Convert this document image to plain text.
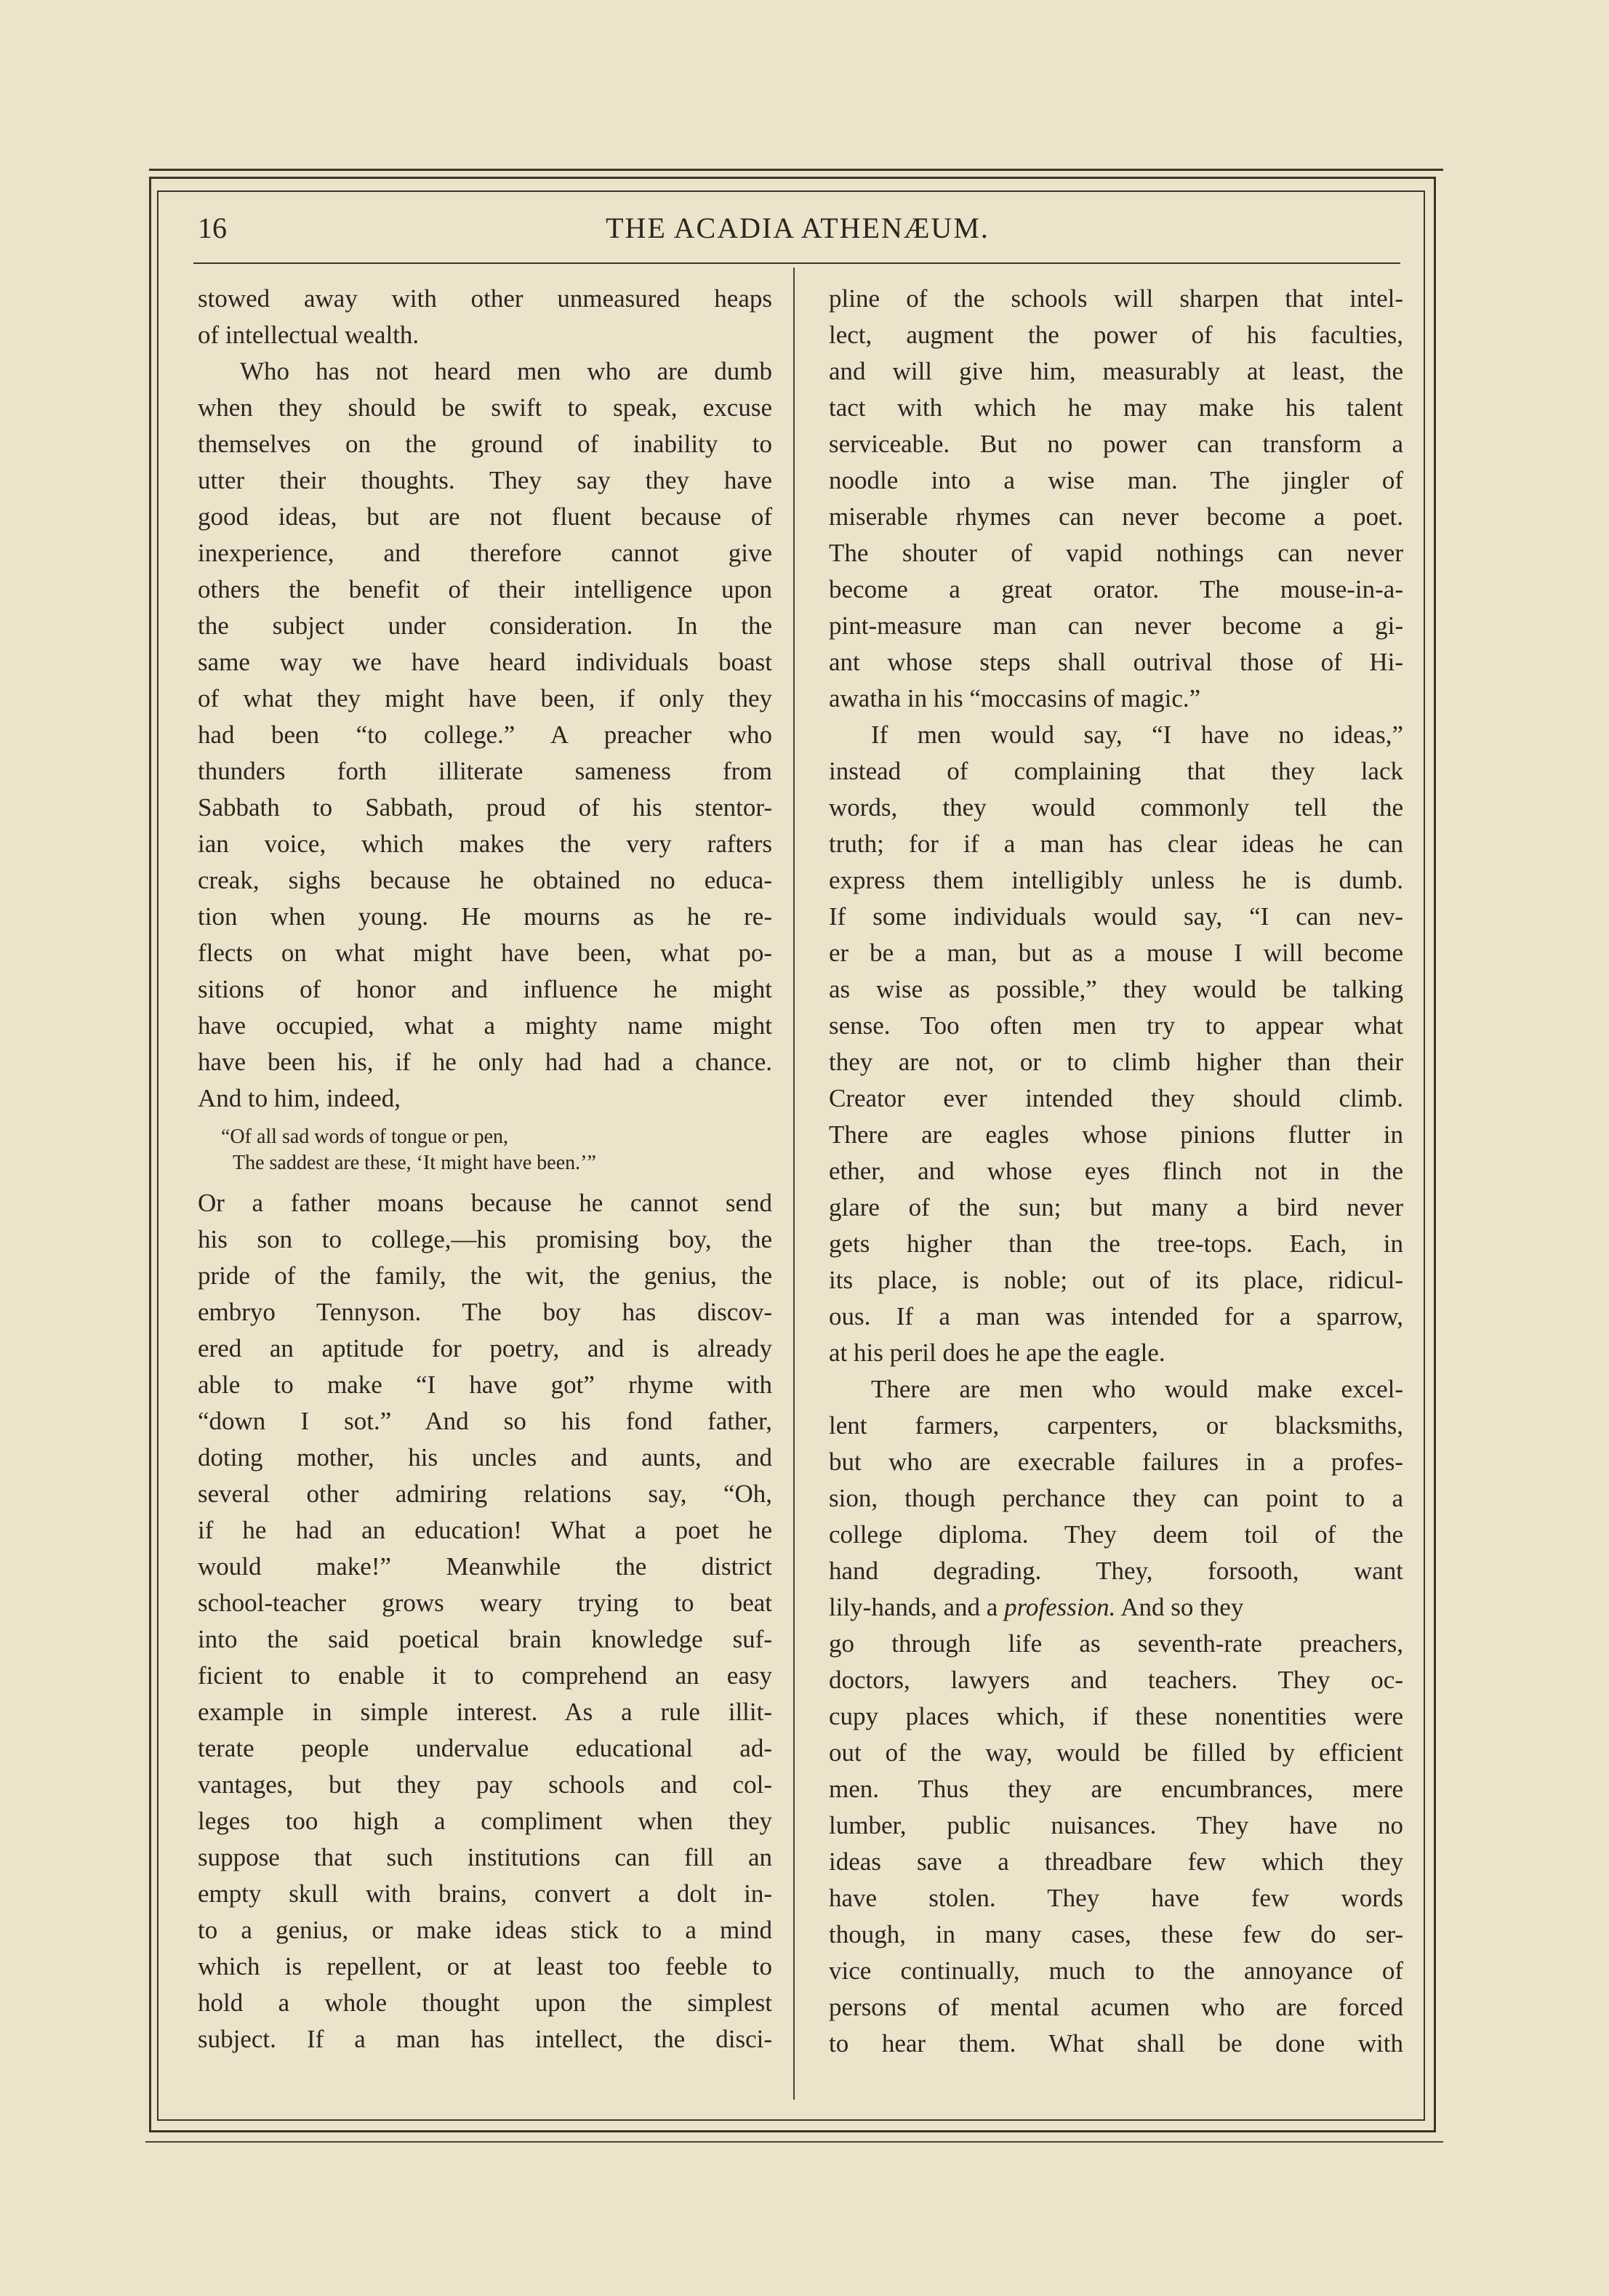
16	THE ACADIA ATHENÆUM.
stowed away with other unmeasured heaps
of intellectual wealth.
Who has not heard men who are dumb
when they should be swift to speak, excuse
themselves on the ground of inability to
utter their thoughts. They say they have
good ideas, but are not fluent because of
inexperience, and therefore cannot give
others the benefit of their intelligence upon
the subject under consideration. In the
same way we have heard individuals boast
of what they might have been, if only they
had been “to college.” A preacher who
thunders forth illiterate sameness from
Sabbath to Sabbath, proud of his stentor-
ian voice, which makes the very rafters
creak, sighs because he obtained no educa-
tion when young. He mourns as he re-
flects on what might have been, what po-
sitions of honor and influence he might
have occupied, what a mighty name might
have been his, if he only had had a chance.
And to him, indeed,
“Of all sad words of tongue or pen,
The saddest are these, ‘It might have been.’”
Or a father moans because he cannot send
his son to college,—his promising boy, the
pride of the family, the wit, the genius, the
embryo Tennyson. The boy has discov-
ered an aptitude for poetry, and is already
able to make “I have got” rhyme with
“down I sot.” And so his fond father,
doting mother, his uncles and aunts, and
several other admiring relations say, “Oh,
if he had an education! What a poet he
would make!” Meanwhile the district
school-teacher grows weary trying to beat
into the said poetical brain knowledge suf-
ficient to enable it to comprehend an easy
example in simple interest. As a rule illit-
terate people undervalue educational ad-
vantages, but they pay schools and col-
leges too high a compliment when they
suppose that such institutions can fill an
empty skull with brains, convert a dolt in-
to a genius, or make ideas stick to a mind
which is repellent, or at least too feeble to
hold a whole thought upon the simplest
subject. If a man has intellect, the disci-
pline of the schools will sharpen that intel-
lect, augment the power of his faculties,
and will give him, measurably at least, the
tact with which he may make his talent
serviceable. But no power can transform a
noodle into a wise man. The jingler of
miserable rhymes can never become a poet.
The shouter of vapid nothings can never
become a great orator. The mouse-in-a-
pint-measure man can never become a gi-
ant whose steps shall outrival those of Hi-
awatha in his “moccasins of magic.”
If men would say, “I have no ideas,”
instead of complaining that they lack
words, they would commonly tell the
truth; for if a man has clear ideas he can
express them intelligibly unless he is dumb.
If some individuals would say, “I can nev-
er be a man, but as a mouse I will become
as wise as possible,” they would be talking
sense. Too often men try to appear what
they are not, or to climb higher than their
Creator ever intended they should climb.
There are eagles whose pinions flutter in
ether, and whose eyes flinch not in the
glare of the sun; but many a bird never
gets higher than the tree-tops. Each, in
its place, is noble; out of its place, ridicul-
ous. If a man was intended for a sparrow,
at his peril does he ape the eagle.
There are men who would make excel-
lent farmers, carpenters, or blacksmiths,
but who are execrable failures in a profes-
sion, though perchance they can point to a
college diploma. They deem toil of the
hand degrading. They, forsooth, want
lily-hands, and a profession. And so they
go through life as seventh-rate preachers,
doctors, lawyers and teachers. They oc-
cupy places which, if these nonentities were
out of the way, would be filled by efficient
men. Thus they are encumbrances, mere
lumber, public nuisances. They have no
ideas save a threadbare few which they
have stolen. They have few words
though, in many cases, these few do ser-
vice continually, much to the annoyance of
persons of mental acumen who are forced
to hear them. What shall be done with
